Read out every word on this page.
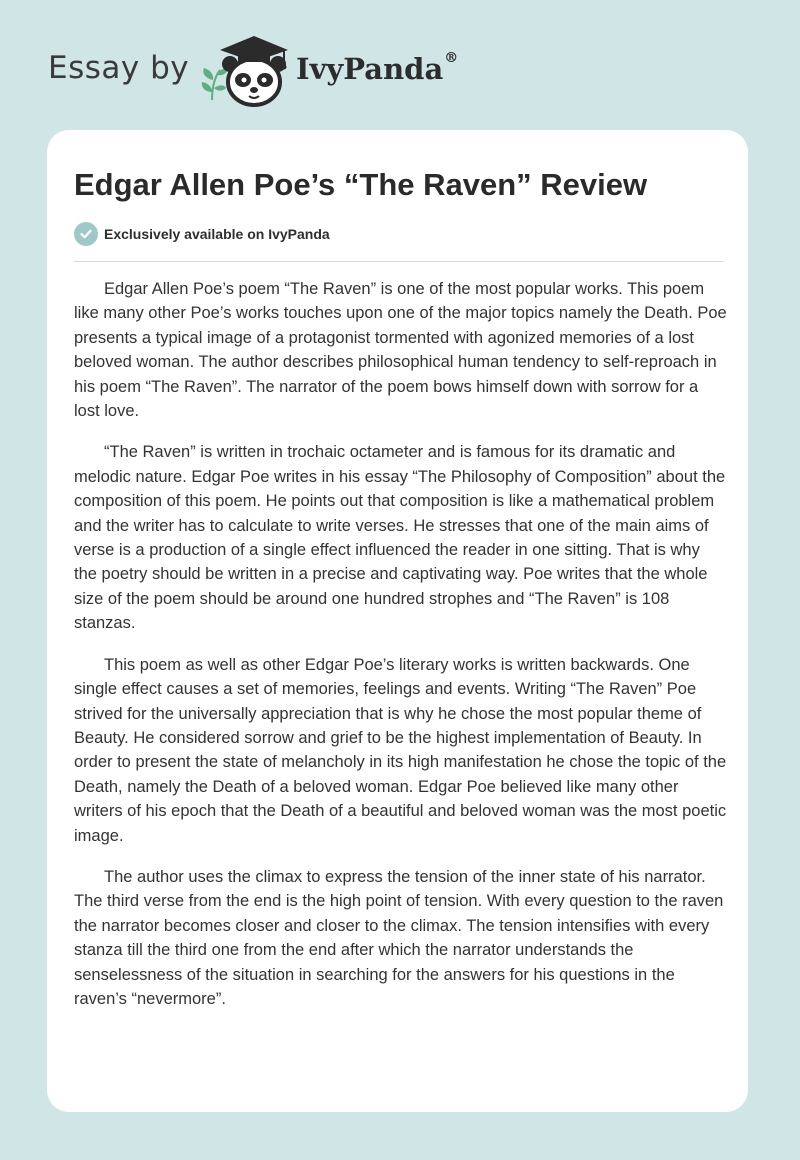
Essay by	IvyPanda®
Edgar Allen Poe’s “The Raven” Review
Exclusively available on IvyPanda

Edgar Allen Poe’s poem “The Raven” is one of the most popular works. This poem like many other Poe’s works touches upon one of the major topics namely the Death. Poe presents a typical image of a protagonist tormented with agonized memories of a lost beloved woman. The author describes philosophical human tendency to self-reproach in his poem “The Raven”. The narrator of the poem bows himself down with sorrow for a lost love.

“The Raven” is written in trochaic octameter and is famous for its dramatic and melodic nature. Edgar Poe writes in his essay “The Philosophy of Composition” about the composition of this poem. He points out that composition is like a mathematical problem and the writer has to calculate to write verses. He stresses that one of the main aims of verse is a production of a single effect influenced the reader in one sitting. That is why the poetry should be written in a precise and captivating way. Poe writes that the whole size of the poem should be around one hundred strophes and “The Raven” is 108 stanzas.

This poem as well as other Edgar Poe’s literary works is written backwards. One single effect causes a set of memories, feelings and events. Writing “The Raven” Poe strived for the universally appreciation that is why he chose the most popular theme of Beauty. He considered sorrow and grief to be the highest implementation of Beauty. In order to present the state of melancholy in its high manifestation he chose the topic of the Death, namely the Death of a beloved woman. Edgar Poe believed like many other writers of his epoch that the Death of a beautiful and beloved woman was the most poetic image.

The author uses the climax to express the tension of the inner state of his narrator. The third verse from the end is the high point of tension. With every question to the raven the narrator becomes closer and closer to the climax. The tension intensifies with every stanza till the third one from the end after which the narrator understands the senselessness of the situation in searching for the answers for his questions in the raven’s “nevermore”.
